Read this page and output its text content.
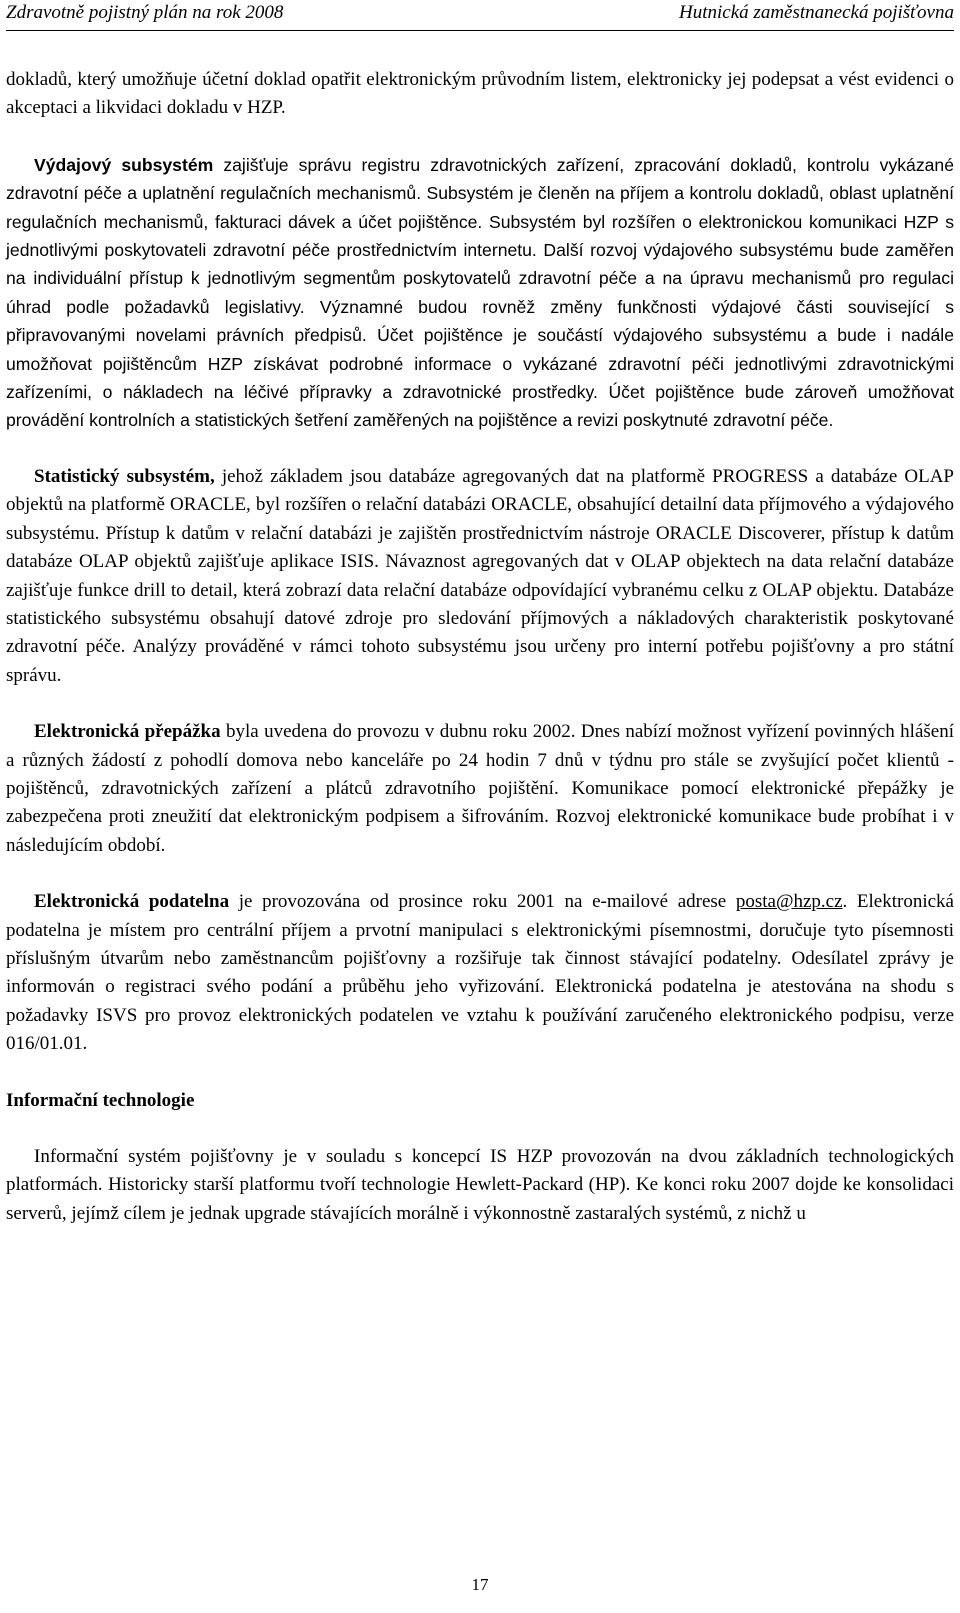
Zdravotně pojistný plán na rok 2008	Hutnická zaměstnanecká pojišťovna

dokladů, který umožňuje účetní doklad opatřit elektronickým průvodním listem, elektronicky jej podepsat a vést evidenci o akceptaci a likvidaci dokladu v HZP.

Výdajový subsystém zajišťuje správu registru zdravotnických zařízení, zpracování dokladů, kontrolu vykázané zdravotní péče a uplatnění regulačních mechanismů. Subsystém je členěn na příjem a kontrolu dokladů, oblast uplatnění regulačních mechanismů, fakturaci dávek a účet pojištěnce. Subsystém byl rozšířen o elektronickou komunikaci HZP s jednotlivými poskytovateli zdravotní péče prostřednictvím internetu. Další rozvoj výdajového subsystému bude zaměřen na individuální přístup k jednotlivým segmentům poskytovatelů zdravotní péče a na úpravu mechanismů pro regulaci úhrad podle požadavků legislativy. Významné budou rovněž změny funkčnosti výdajové části související s připravovanými novelami právních předpisů. Účet pojištěnce je součástí výdajového subsystému a bude i nadále umožňovat pojištěncům HZP získávat podrobné informace o vykázané zdravotní péči jednotlivými zdravotnickými zařízeními, o nákladech na léčivé přípravky a zdravotnické prostředky. Účet pojištěnce bude zároveň umožňovat provádění kontrolních a statistických šetření zaměřených na pojištěnce a revizi poskytnuté zdravotní péče.

Statistický subsystém, jehož základem jsou databáze agregovaných dat na platformě PROGRESS a databáze OLAP objektů na platformě ORACLE, byl rozšířen o relační databázi ORACLE, obsahující detailní data příjmového a výdajového subsystému. Přístup k datům v relační databázi je zajištěn prostřednictvím nástroje ORACLE Discoverer, přístup k datům databáze OLAP objektů zajišťuje aplikace ISIS. Návaznost agregovaných dat v OLAP objektech na data relační databáze zajišťuje funkce drill to detail, která zobrazí data relační databáze odpovídající vybranému celku z OLAP objektu. Databáze statistického subsystému obsahují datové zdroje pro sledování příjmových a nákladových charakteristik poskytované zdravotní péče. Analýzy prováděné v rámci tohoto subsystému jsou určeny pro interní potřebu pojišťovny a pro státní správu.

Elektronická přepážka byla uvedena do provozu v dubnu roku 2002. Dnes nabízí možnost vyřízení povinných hlášení a různých žádostí z pohodlí domova nebo kanceláře po 24 hodin 7 dnů v týdnu pro stále se zvyšující počet klientů - pojištěnců, zdravotnických zařízení a plátců zdravotního pojištění. Komunikace pomocí elektronické přepážky je zabezpečena proti zneužití dat elektronickým podpisem a šifrováním. Rozvoj elektronické komunikace bude probíhat i v následujícím období.

Elektronická podatelna je provozována od prosince roku 2001 na e-mailové adrese posta@hzp.cz. Elektronická podatelna je místem pro centrální příjem a prvotní manipulaci s elektronickými písemnostmi, doručuje tyto písemnosti příslušným útvarům nebo zaměstnancům pojišťovny a rozšiřuje tak činnost stávající podatelny. Odesílatel zprávy je informován o registraci svého podání a průběhu jeho vyřizování. Elektronická podatelna je atestována na shodu s požadavky ISVS pro provoz elektronických podatelen ve vztahu k používání zaručeného elektronického podpisu, verze 016/01.01.

Informační technologie

Informační systém pojišťovny je v souladu s koncepcí IS HZP provozován na dvou základních technologických platformách. Historicky starší platformu tvoří technologie Hewlett-Packard (HP). Ke konci roku 2007 dojde ke konsolidaci serverů, jejímž cílem je jednak upgrade stávajících morálně i výkonnostně zastaralých systémů, z nichž u

17
